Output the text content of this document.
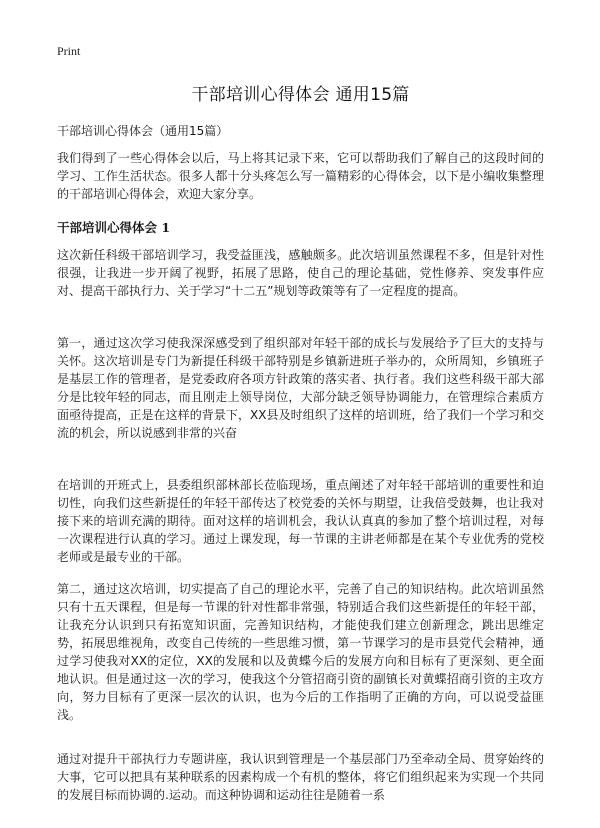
Print
干部培训心得体会 通用15篇

干部培训心得体会（通用15篇）

我们得到了一些心得体会以后，马上将其记录下来，它可以帮助我们了解自己的这段时间的学习、工作生活状态。很多人都十分头疼怎么写一篇精彩的心得体会，以下是小编收集整理的干部培训心得体会，欢迎大家分享。

干部培训心得体会 1

这次新任科级干部培训学习，我受益匪浅，感触颇多。此次培训虽然课程不多，但是针对性很强，让我进一步开阔了视野，拓展了思路，使自己的理论基础，党性修养、突发事件应对、提高干部执行力、关于学习“十二五”规划等政策等有了一定程度的提高。

第一，通过这次学习使我深深感受到了组织部对年轻干部的成长与发展给予了巨大的支持与关怀。这次培训是专门为新提任科级干部特别是乡镇新进班子举办的，众所周知，乡镇班子是基层工作的管理者，是党委政府各项方针政策的落实者、执行者。我们这些科级干部大部分是比较年轻的同志，而且刚走上领导岗位，大部分缺乏领导协调能力，在管理综合素质方面亟待提高，正是在这样的背景下，XX县及时组织了这样的培训班，给了我们一个学习和交流的机会，所以说感到非常的兴奋

在培训的开班式上，县委组织部林部长莅临现场，重点阐述了对年轻干部培训的重要性和迫切性，向我们这些新提任的年轻干部传达了校党委的关怀与期望，让我倍受鼓舞，也让我对接下来的培训充满的期待。面对这样的培训机会，我认认真真的参加了整个培训过程，对每一次课程进行认真的学习。通过上课发现，每一节课的主讲老师都是在某个专业优秀的党校老师或是最专业的干部。

第二，通过这次培训，切实提高了自己的理论水平，完善了自己的知识结构。此次培训虽然只有十五天课程，但是每一节课的针对性都非常强，特别适合我们这些新提任的年轻干部，让我充分认识到只有拓宽知识面，完善知识结构，才能使我们建立创新理念，跳出思维定势，拓展思维视角，改变自己传统的一些思维习惯，第一节课学习的是市县党代会精神，通过学习使我对XX的定位，XX的发展和以及黄蝶今后的发展方向和目标有了更深刻、更全面地认识。但是通过这一次的学习，使我这个分管招商引资的副镇长对黄蝶招商引资的主攻方向，努力目标有了更深一层次的认识，也为今后的工作指明了正确的方向，可以说受益匪浅。

通过对提升干部执行力专题讲座，我认识到管理是一个基层部门乃至牵动全局、贯穿始终的大事，它可以把具有某种联系的因素构成一个有机的整体，将它们组织起来为实现一个共同的发展目标而协调的.运动。而这种协调和运动往往是随着一系
